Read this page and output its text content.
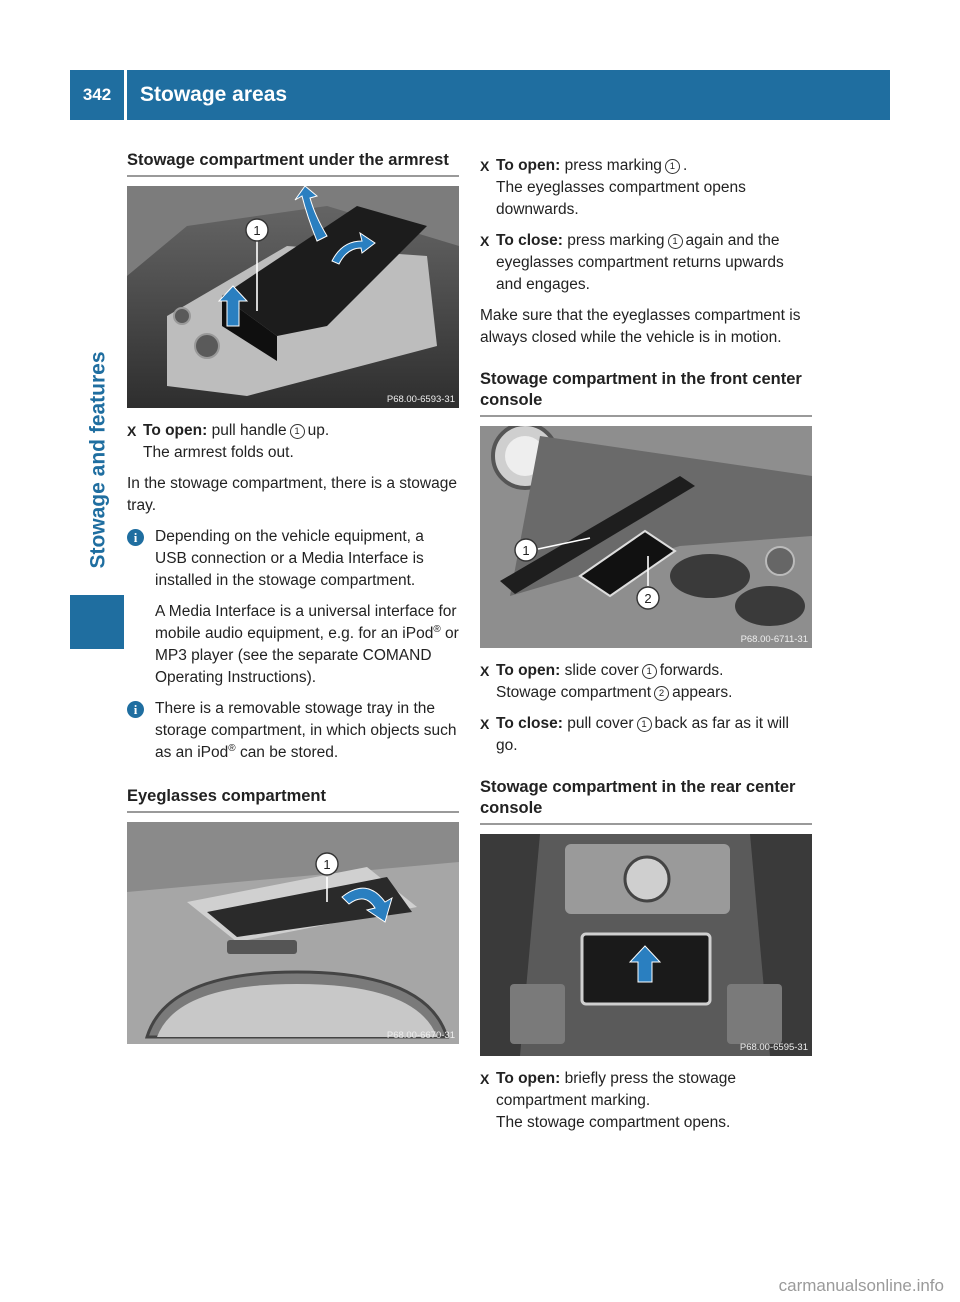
342	Stowage areas
Stowage and features
Stowage compartment under the armrest
1
P68.00-6593-31

X To open: pull handle 1 up.

The armrest folds out.

In the stowage compartment, there is a stowage tray.

i	Depending on the vehicle equipment, a USB connection or a Media Interface is installed in the stowage compartment.

A Media Interface is a universal interface for mobile audio equipment, e.g. for an iPod® or MP3 player (see the separate COMAND Operating Instructions).

i	There is a removable stowage tray in the storage compartment, in which objects such as an iPod® can be stored.

Eyeglasses compartment
1
P68.00-6670-31

X To open: press marking 1 .

The eyeglasses compartment opens downwards.

X To close: press marking 1 again and the eyeglasses compartment returns upwards and engages.

Make sure that the eyeglasses compartment is always closed while the vehicle is in motion.

Stowage compartment in the front center console
1
2
P68.00-6711-31

X To open: slide cover 1 forwards.

Stowage compartment 2 appears.

X To close: pull cover 1 back as far as it will go.

Stowage compartment in the rear center console
P68.00-6595-31

X To open: briefly press the stowage compartment marking.
The stowage compartment opens.

carmanualsonline.info
